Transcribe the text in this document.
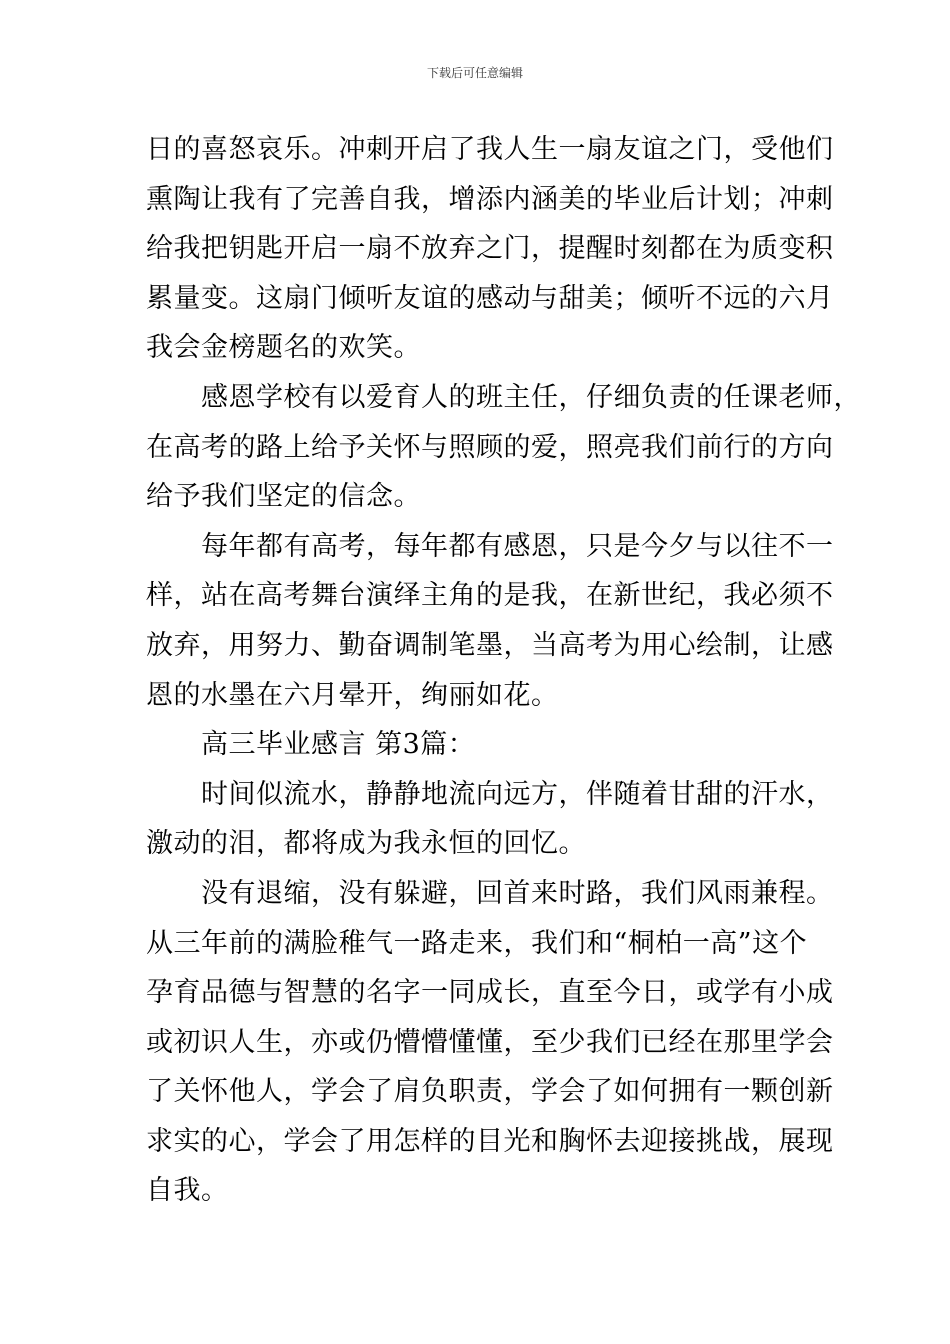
下载后可任意编辑
日的喜怒哀乐。冲刺开启了我人生一扇友谊之门，受他们
熏陶让我有了完善自我，增添内涵美的毕业后计划；冲刺
给我把钥匙开启一扇不放弃之门，提醒时刻都在为质变积
累量变。这扇门倾听友谊的感动与甜美；倾听不远的六月
我会金榜题名的欢笑。
感恩学校有以爱育人的班主任，仔细负责的任课老师，
在高考的路上给予关怀与照顾的爱，照亮我们前行的方向
给予我们坚定的信念。
每年都有高考，每年都有感恩，只是今夕与以往不一
样，站在高考舞台演绎主角的是我，在新世纪，我必须不
放弃，用努力、勤奋调制笔墨，当高考为用心绘制，让感
恩的水墨在六月晕开，绚丽如花。
高三毕业感言 第3篇：
时间似流水，静静地流向远方，伴随着甘甜的汗水，
激动的泪，都将成为我永恒的回忆。
没有退缩，没有躲避，回首来时路，我们风雨兼程。
从三年前的满脸稚气一路走来，我们和“桐柏一高”这个
孕育品德与智慧的名字一同成长，直至今日，或学有小成
或初识人生，亦或仍懵懵懂懂，至少我们已经在那里学会
了关怀他人，学会了肩负职责，学会了如何拥有一颗创新
求实的心，学会了用怎样的目光和胸怀去迎接挑战，展现
自我。
